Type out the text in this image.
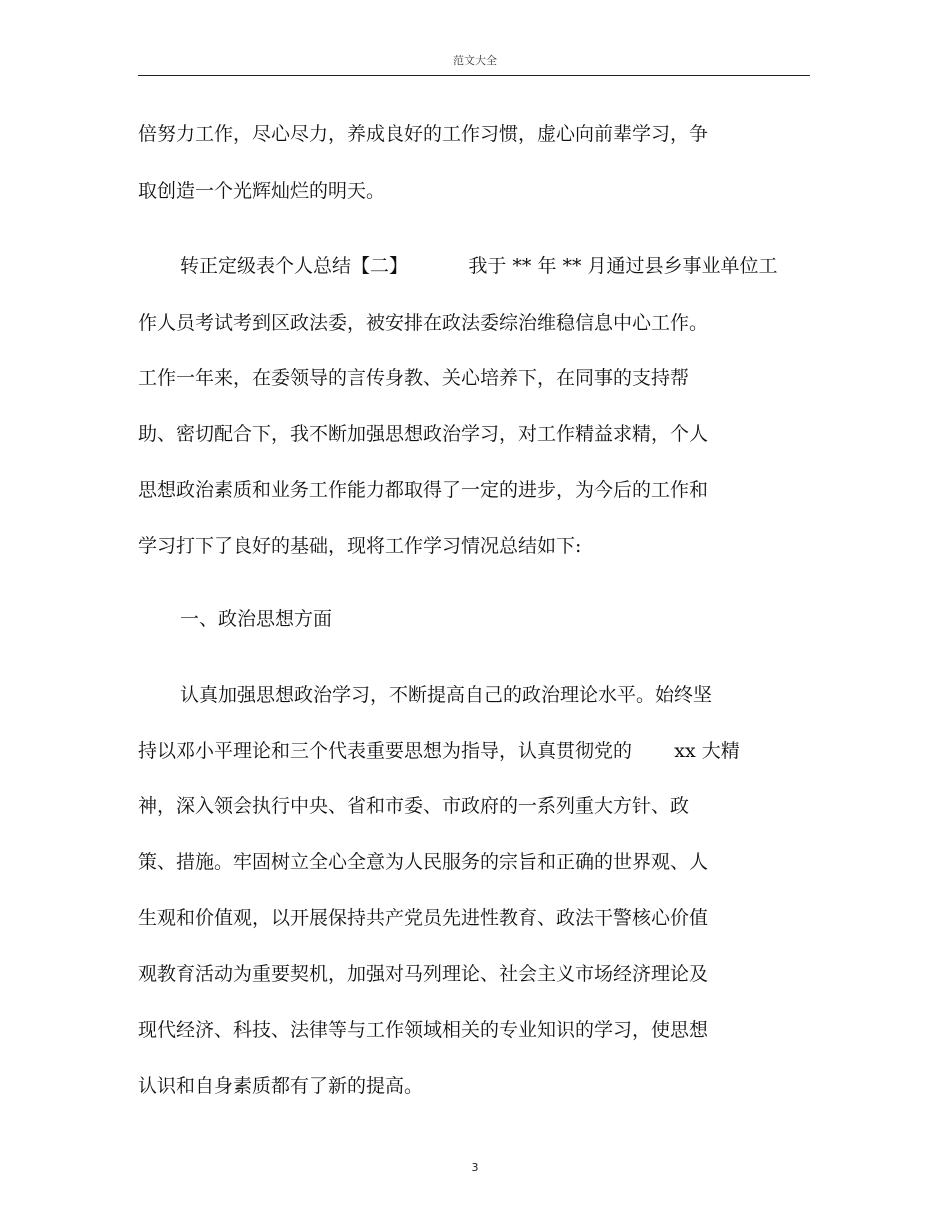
范文大全
倍努力工作，尽心尽力，养成良好的工作习惯，虚心向前辈学习，争
取创造一个光辉灿烂的明天。
转正定级表个人总结【二】          我于 ** 年 ** 月通过县乡事业单位工
作人员考试考到区政法委，被安排在政法委综治维稳信息中心工作。
工作一年来，在委领导的言传身教、关心培养下，在同事的支持帮
助、密切配合下，我不断加强思想政治学习，对工作精益求精，个人
思想政治素质和业务工作能力都取得了一定的进步，为今后的工作和
学习打下了良好的基础，现将工作学习情况总结如下:
一、政治思想方面
认真加强思想政治学习，不断提高自己的政治理论水平。始终坚
持以邓小平理论和三个代表重要思想为指导，认真贯彻党的       xx 大精
神，深入领会执行中央、省和市委、市政府的一系列重大方针、政
策、措施。牢固树立全心全意为人民服务的宗旨和正确的世界观、人
生观和价值观，以开展保持共产党员先进性教育、政法干警核心价值
观教育活动为重要契机，加强对马列理论、社会主义市场经济理论及
现代经济、科技、法律等与工作领域相关的专业知识的学习，使思想
认识和自身素质都有了新的提高。
3
